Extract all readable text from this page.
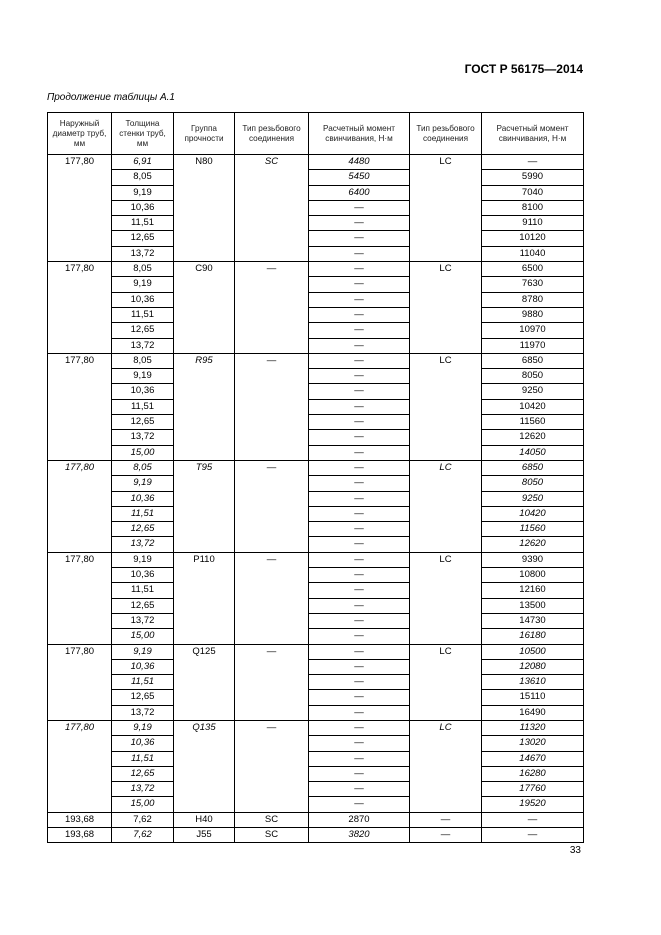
ГОСТ Р 56175—2014
Продолжение таблицы А.1
Наружный диаметр труб, мм	Толщина стенки труб, мм	Группа прочности	Тип резьбового соединения	Расчетный момент свинчивания, Н·м	Тип резьбового соединения	Расчетный момент свинчивания, Н·м
177,80	6,91	N80	SC	4480	LC	—
	8,05			5450		5990
	9,19			6400		7040
	10,36			—		8100
	11,51			—		9110
	12,65			—		10120
	13,72			—		11040
177,80	8,05	C90	—	—	LC	6500
	9,19			—		7630
	10,36			—		8780
	11,51			—		9880
	12,65			—		10970
	13,72			—		11970
177,80	8,05	R95	—	—	LC	6850
	9,19			—		8050
	10,36			—		9250
	11,51			—		10420
	12,65			—		11560
	13,72			—		12620
	15,00			—		14050
177,80	8,05	T95	—	—	LC	6850
	9,19			—		8050
	10,36			—		9250
	11,51			—		10420
	12,65			—		11560
	13,72			—		12620
177,80	9,19	P110	—	—	LC	9390
	10,36			—		10800
	11,51			—		12160
	12,65			—		13500
	13,72			—		14730
	15,00			—		16180
177,80	9,19	Q125	—	—	LC	10500
	10,36			—		12080
	11,51			—		13610
	12,65			—		15110
	13,72			—		16490
177,80	9,19	Q135	—	—	LC	11320
	10,36			—		13020
	11,51			—		14670
	12,65			—		16280
	13,72			—		17760
	15,00			—		19520
193,68	7,62	H40	SC	2870	—	—
193,68	7,62	J55	SC	3820	—	—
33
